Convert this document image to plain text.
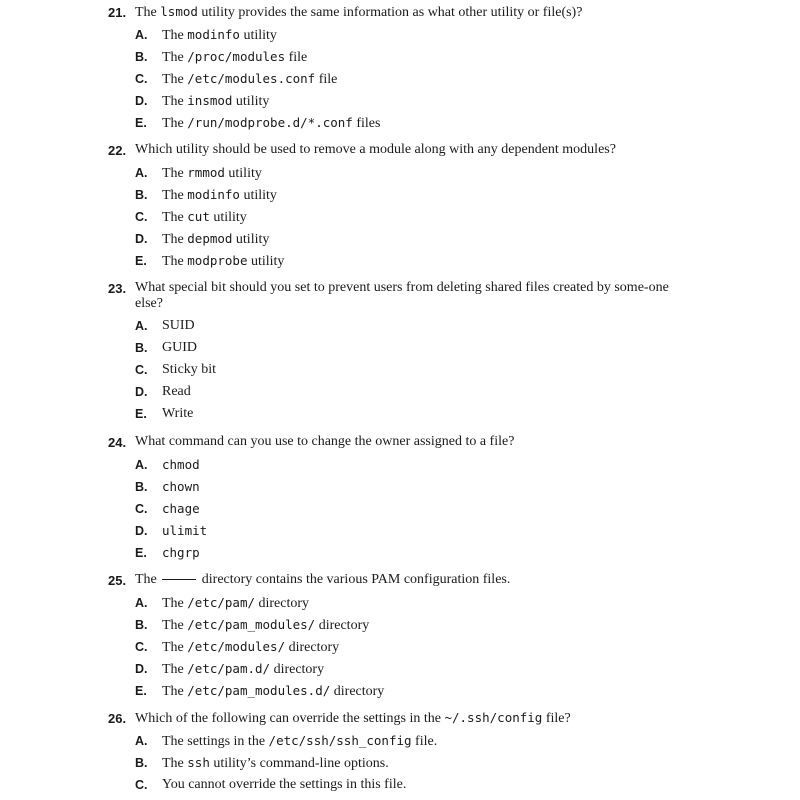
21. The lsmod utility provides the same information as what other utility or file(s)?
A.	The modinfo utility
B.	The /proc/modules file
C.	The /etc/modules.conf file
D.	The insmod utility
E.	The /run/modprobe.d/*.conf files
22. Which utility should be used to remove a module along with any dependent modules?
A.	The rmmod utility
B.	The modinfo utility
C.	The cut utility
D.	The depmod utility
E.	The modprobe utility
23. What special bit should you set to prevent users from deleting shared files created by some-one else?
A.	SUID
B.	GUID
C.	Sticky bit
D.	Read
E.	Write
24. What command can you use to change the owner assigned to a file?
A.	chmod
B.	chown
C.	chage
D.	ulimit
E.	chgrp
25. The	directory contains the various PAM configuration files.
A.	The /etc/pam/ directory
B.	The /etc/pam_modules/ directory
C.	The /etc/modules/ directory
D.	The /etc/pam.d/ directory
E.	The /etc/pam_modules.d/ directory
26. Which of the following can override the settings in the ~/.ssh/config file?
A.	The settings in the /etc/ssh/ssh_config file.
B.	The ssh utility’s command-line options.
C.	You cannot override the settings in this file.
